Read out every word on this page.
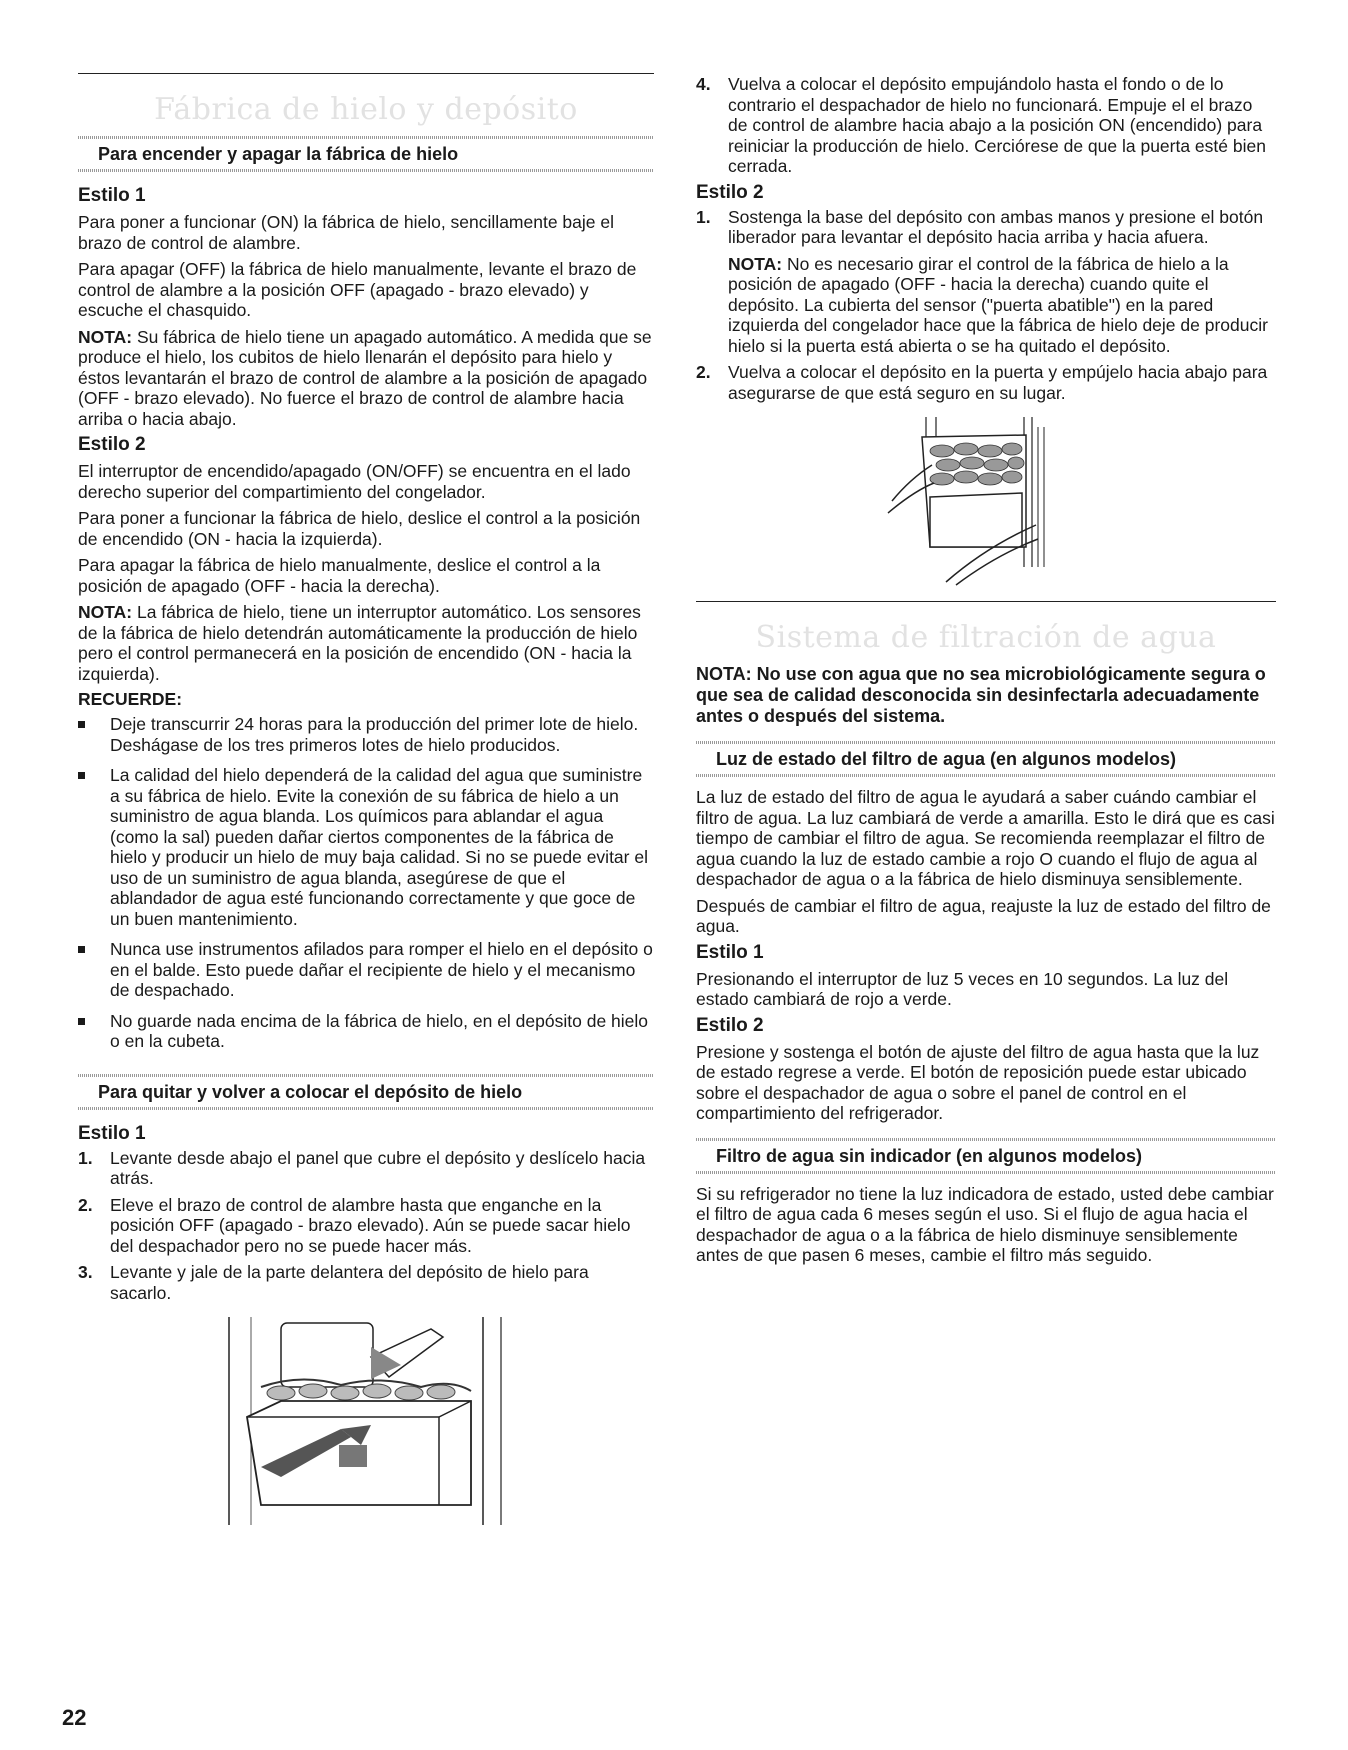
Fábrica de hielo y depósito
Para encender y apagar la fábrica de hielo
Estilo 1

Para poner a funcionar (ON) la fábrica de hielo, sencillamente baje el brazo de control de alambre.

Para apagar (OFF) la fábrica de hielo manualmente, levante el brazo de control de alambre a la posición OFF (apagado - brazo elevado) y escuche el chasquido.

NOTA: Su fábrica de hielo tiene un apagado automático. A medida que se produce el hielo, los cubitos de hielo llenarán el depósito para hielo y éstos levantarán el brazo de control de alambre a la posición de apagado (OFF - brazo elevado). No fuerce el brazo de control de alambre hacia arriba o hacia abajo.

Estilo 2

El interruptor de encendido/apagado (ON/OFF) se encuentra en el lado derecho superior del compartimiento del congelador.

Para poner a funcionar la fábrica de hielo, deslice el control a la posición de encendido (ON - hacia la izquierda).

Para apagar la fábrica de hielo manualmente, deslice el control a la posición de apagado (OFF - hacia la derecha).

NOTA: La fábrica de hielo, tiene un interruptor automático. Los sensores de la fábrica de hielo detendrán automáticamente la producción de hielo pero el control permanecerá en la posición de encendido (ON - hacia la izquierda).

RECUERDE:
Deje transcurrir 24 horas para la producción del primer lote de hielo. Deshágase de los tres primeros lotes de hielo producidos.
La calidad del hielo dependerá de la calidad del agua que suministre a su fábrica de hielo. Evite la conexión de su fábrica de hielo a un suministro de agua blanda. Los químicos para ablandar el agua (como la sal) pueden dañar ciertos componentes de la fábrica de hielo y producir un hielo de muy baja calidad. Si no se puede evitar el uso de un suministro de agua blanda, asegúrese de que el ablandador de agua esté funcionando correctamente y que goce de un buen mantenimiento.
Nunca use instrumentos afilados para romper el hielo en el depósito o en el balde. Esto puede dañar el recipiente de hielo y el mecanismo de despachado.
No guarde nada encima de la fábrica de hielo, en el depósito de hielo o en la cubeta.
Para quitar y volver a colocar el depósito de hielo
Estilo 1
1. Levante desde abajo el panel que cubre el depósito y deslícelo hacia atrás.
2. Eleve el brazo de control de alambre hasta que enganche en la posición OFF (apagado - brazo elevado). Aún se puede sacar hielo del despachador pero no se puede hacer más.
3. Levante y jale de la parte delantera del depósito de hielo para sacarlo.
4. Vuelva a colocar el depósito empujándolo hasta el fondo o de lo contrario el despachador de hielo no funcionará. Empuje el el brazo de control de alambre hacia abajo a la posición ON (encendido) para reiniciar la producción de hielo. Cerciórese de que la puerta esté bien cerrada.
Estilo 2
1. Sostenga la base del depósito con ambas manos y presione el botón liberador para levantar el depósito hacia arriba y hacia afuera.

NOTA: No es necesario girar el control de la fábrica de hielo a la posición de apagado (OFF - hacia la derecha) cuando quite el depósito. La cubierta del sensor ("puerta abatible") en la pared izquierda del congelador hace que la fábrica de hielo deje de producir hielo si la puerta está abierta o se ha quitado el depósito.

2. Vuelva a colocar el depósito en la puerta y empújelo hacia abajo para asegurarse de que está seguro en su lugar.
Sistema de filtración de agua
NOTA: No use con agua que no sea microbiológicamente segura o que sea de calidad desconocida sin desinfectarla adecuadamente antes o después del sistema.
Luz de estado del filtro de agua (en algunos modelos)

La luz de estado del filtro de agua le ayudará a saber cuándo cambiar el filtro de agua. La luz cambiará de verde a amarilla. Esto le dirá que es casi tiempo de cambiar el filtro de agua. Se recomienda reemplazar el filtro de agua cuando la luz de estado cambie a rojo O cuando el flujo de agua al despachador de agua o a la fábrica de hielo disminuya sensiblemente.

Después de cambiar el filtro de agua, reajuste la luz de estado del filtro de agua.

Estilo 1

Presionando el interruptor de luz 5 veces en 10 segundos. La luz del estado cambiará de rojo a verde.

Estilo 2

Presione y sostenga el botón de ajuste del filtro de agua hasta que la luz de estado regrese a verde. El botón de reposición puede estar ubicado sobre el despachador de agua o sobre el panel de control en el compartimiento del refrigerador.

Filtro de agua sin indicador (en algunos modelos)

Si su refrigerador no tiene la luz indicadora de estado, usted debe cambiar el filtro de agua cada 6 meses según el uso. Si el flujo de agua hacia el despachador de agua o a la fábrica de hielo disminuye sensiblemente antes de que pasen 6 meses, cambie el filtro más seguido.

22
